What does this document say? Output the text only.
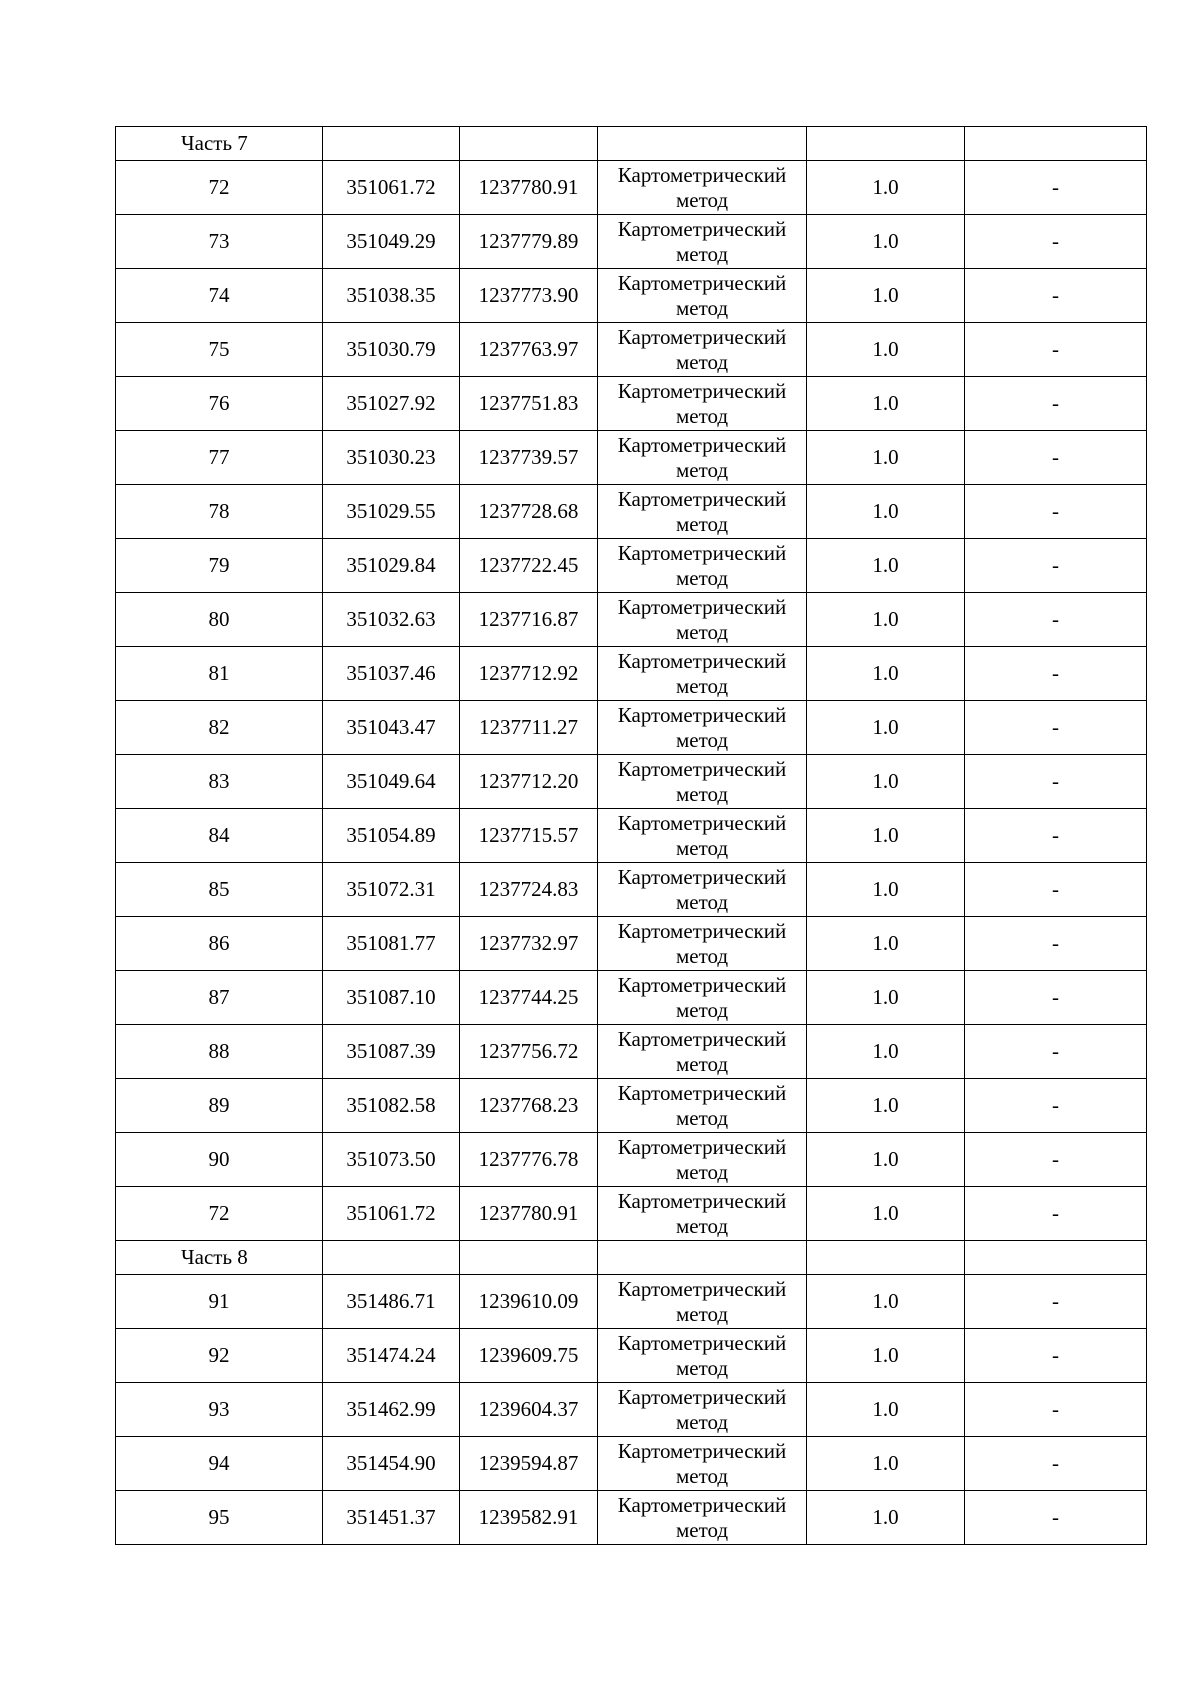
Часть 7					
72	351061.72	1237780.91	Картометрический метод	1.0	-
73	351049.29	1237779.89	Картометрический метод	1.0	-
74	351038.35	1237773.90	Картометрический метод	1.0	-
75	351030.79	1237763.97	Картометрический метод	1.0	-
76	351027.92	1237751.83	Картометрический метод	1.0	-
77	351030.23	1237739.57	Картометрический метод	1.0	-
78	351029.55	1237728.68	Картометрический метод	1.0	-
79	351029.84	1237722.45	Картометрический метод	1.0	-
80	351032.63	1237716.87	Картометрический метод	1.0	-
81	351037.46	1237712.92	Картометрический метод	1.0	-
82	351043.47	1237711.27	Картометрический метод	1.0	-
83	351049.64	1237712.20	Картометрический метод	1.0	-
84	351054.89	1237715.57	Картометрический метод	1.0	-
85	351072.31	1237724.83	Картометрический метод	1.0	-
86	351081.77	1237732.97	Картометрический метод	1.0	-
87	351087.10	1237744.25	Картометрический метод	1.0	-
88	351087.39	1237756.72	Картометрический метод	1.0	-
89	351082.58	1237768.23	Картометрический метод	1.0	-
90	351073.50	1237776.78	Картометрический метод	1.0	-
72	351061.72	1237780.91	Картометрический метод	1.0	-
Часть 8					
91	351486.71	1239610.09	Картометрический метод	1.0	-
92	351474.24	1239609.75	Картометрический метод	1.0	-
93	351462.99	1239604.37	Картометрический метод	1.0	-
94	351454.90	1239594.87	Картометрический метод	1.0	-
95	351451.37	1239582.91	Картометрический метод	1.0	-
